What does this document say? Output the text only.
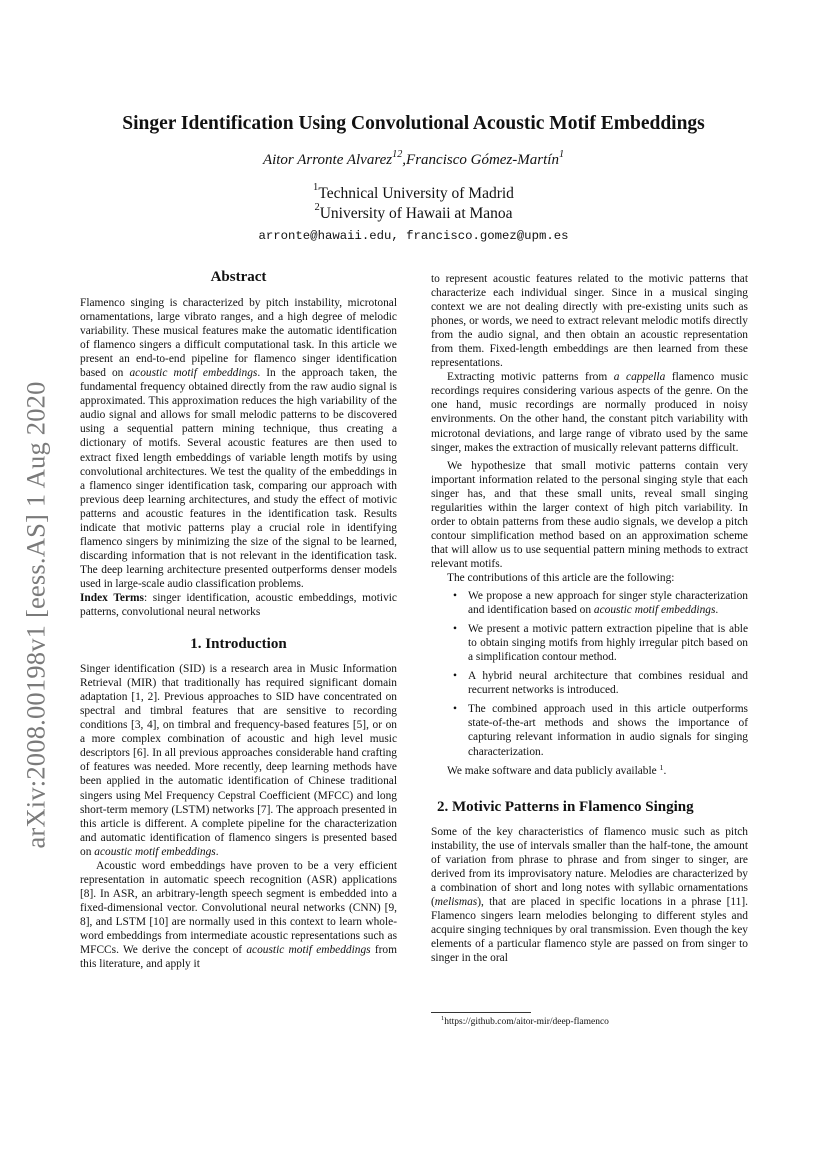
arXiv:2008.00198v1 [eess.AS] 1 Aug 2020
Singer Identification Using Convolutional Acoustic Motif Embeddings
Aitor Arronte Alvarez$^{12}$,Francisco Gómez-Martín$^1$
$^1$Technical University of Madrid
$^2$University of Hawaii at Manoa
arronte@hawaii.edu, francisco.gomez@upm.es
Abstract

Flamenco singing is characterized by pitch instability, microtonal ornamentations, large vibrato ranges, and a high degree of melodic variability. These musical features make the automatic identification of flamenco singers a difficult computational task. In this article we present an end-to-end pipeline for flamenco singer identification based on acoustic motif embeddings. In the approach taken, the fundamental frequency obtained directly from the raw audio signal is approximated. This approximation reduces the high variability of the audio signal and allows for small melodic patterns to be discovered using a sequential pattern mining technique, thus creating a dictionary of motifs. Several acoustic features are then used to extract fixed length embeddings of variable length motifs by using convolutional architectures. We test the quality of the embeddings in a flamenco singer identification task, comparing our approach with previous deep learning architectures, and study the effect of motivic patterns and acoustic features in the identification task. Results indicate that motivic patterns play a crucial role in identifying flamenco singers by minimizing the size of the signal to be learned, discarding information that is not relevant in the identification task. The deep learning architecture presented outperforms denser models used in large-scale audio classification problems.

Index Terms: singer identification, acoustic embeddings, motivic patterns, convolutional neural networks

1. Introduction

Singer identification (SID) is a research area in Music Information Retrieval (MIR) that traditionally has required significant domain adaptation [1, 2]. Previous approaches to SID have concentrated on spectral and timbral features that are sensitive to recording conditions [3, 4], on timbral and frequency-based features [5], or on a more complex combination of acoustic and high level music descriptors [6]. In all previous approaches considerable hand crafting of features was needed. More recently, deep learning methods have been applied in the automatic identification of Chinese traditional singers using Mel Frequency Cepstral Coefficient (MFCC) and long short-term memory (LSTM) networks [7]. The approach presented in this article is different. A complete pipeline for the characterization and automatic identification of flamenco singers is presented based on acoustic motif embeddings.

Acoustic word embeddings have proven to be a very efficient representation in automatic speech recognition (ASR) applications [8]. In ASR, an arbitrary-length speech segment is embedded into a fixed-dimensional vector. Convolutional neural networks (CNN) [9, 8], and LSTM [10] are normally used in this context to learn whole-word embeddings from intermediate acoustic representations such as MFCCs. We derive the concept of acoustic motif embeddings from this literature, and apply it

to represent acoustic features related to the motivic patterns that characterize each individual singer. Since in a musical singing context we are not dealing directly with pre-existing units such as phones, or words, we need to extract relevant melodic motifs directly from the audio signal, and then obtain an acoustic representation from them. Fixed-length embeddings are then learned from these representations.

Extracting motivic patterns from a cappella flamenco music recordings requires considering various aspects of the genre. On the one hand, music recordings are normally produced in noisy environments. On the other hand, the constant pitch variability with microtonal deviations, and large range of vibrato used by the same singer, makes the extraction of musically relevant patterns difficult.

We hypothesize that small motivic patterns contain very important information related to the personal singing style that each singer has, and that these small units, reveal small singing regularities within the larger context of high pitch variability. In order to obtain patterns from these audio signals, we develop a pitch contour simplification method based on an approximation scheme that will allow us to use sequential pattern mining methods to extract relevant motifs.

The contributions of this article are the following:

• We propose a new approach for singer style characterization and identification based on acoustic motif embeddings.
• We present a motivic pattern extraction pipeline that is able to obtain singing motifs from highly irregular pitch based on a simplification contour method.
• A hybrid neural architecture that combines residual and recurrent networks is introduced.
• The combined approach used in this article outperforms state-of-the-art methods and shows the importance of capturing relevant information in audio signals for singing characterization.

We make software and data publicly available $^1$.

2. Motivic Patterns in Flamenco Singing

Some of the key characteristics of flamenco music such as pitch instability, the use of intervals smaller than the half-tone, the amount of variation from phrase to phrase and from singer to singer, are derived from its improvisatory nature. Melodies are characterized by a combination of short and long notes with syllabic ornamentations (melismas), that are placed in specific locations in a phrase [11]. Flamenco singers learn melodies belonging to different styles and acquire singing techniques by oral transmission. Even though the key elements of a particular flamenco style are passed on from singer to singer in the oral

$^1$https://github.com/aitor-mir/deep-flamenco
